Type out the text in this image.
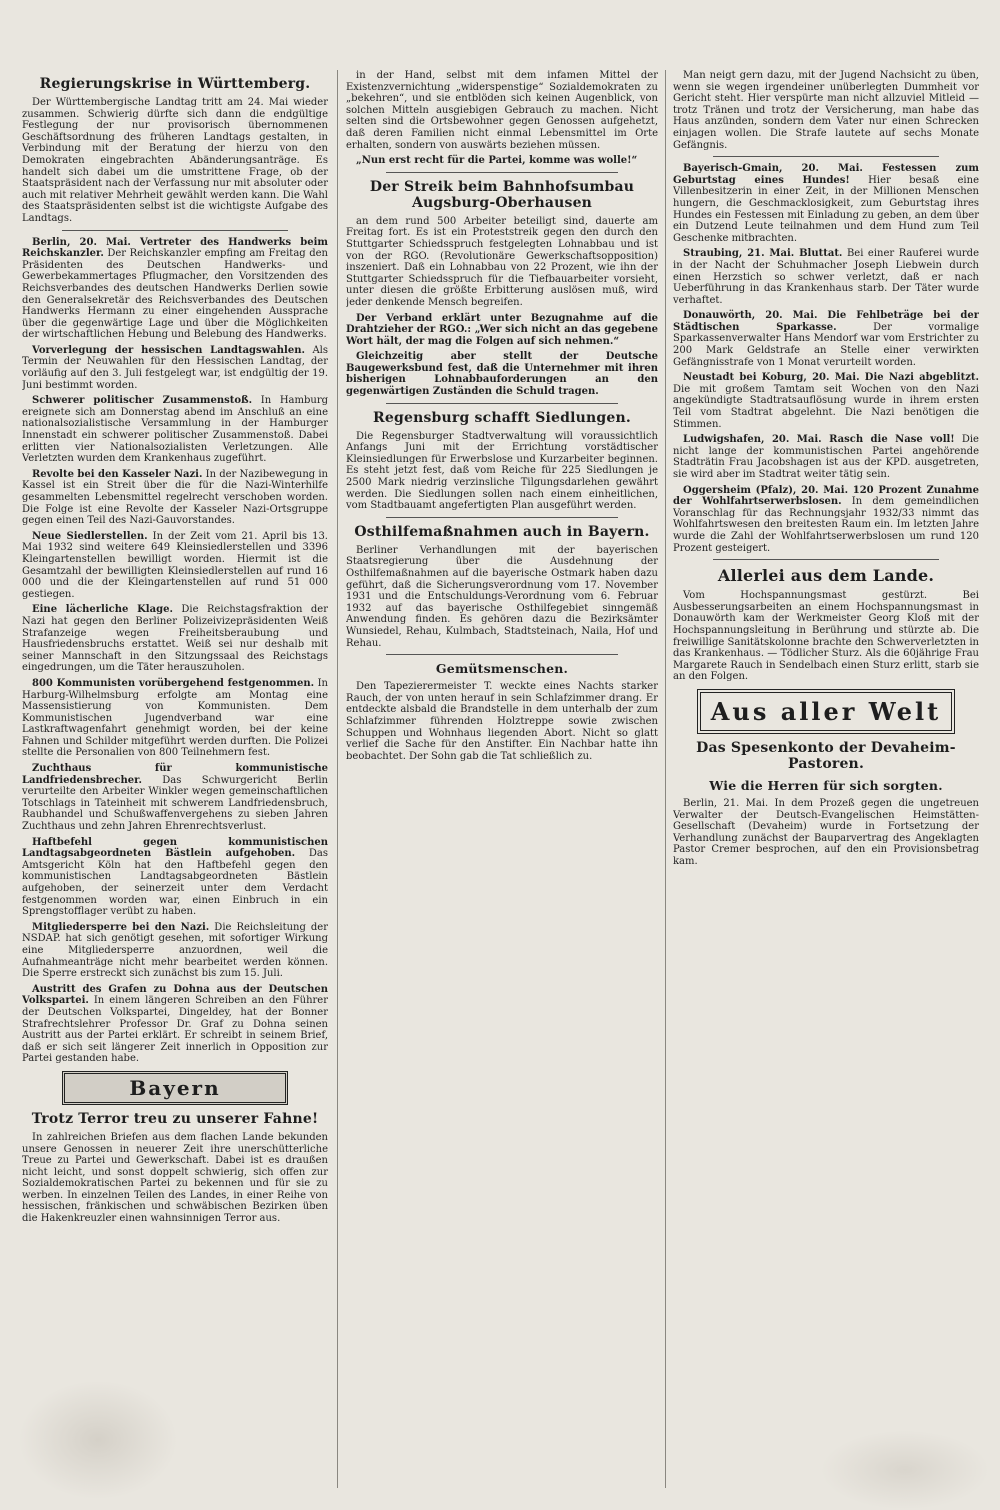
Regierungskrise in Württemberg.

Der Württembergische Landtag tritt am 24. Mai wieder zusammen. Schwierig dürfte sich dann die endgültige Festlegung der nur provisorisch übernommenen Geschäftsordnung des früheren Landtags gestalten, in Verbindung mit der Beratung der hierzu von den Demokraten eingebrachten Abänderungsanträge. Es handelt sich dabei um die umstrittene Frage, ob der Staatspräsident nach der Verfassung nur mit absoluter oder auch mit relativer Mehrheit gewählt werden kann. Die Wahl des Staatspräsidenten selbst ist die wichtigste Aufgabe des Landtags.

Berlin, 20. Mai. Vertreter des Handwerks beim Reichskanzler. Der Reichskanzler empfing am Freitag den Präsidenten des Deutschen Handwerks- und Gewerbekammertages Pflugmacher, den Vorsitzenden des Reichsverbandes des deutschen Handwerks Derlien sowie den Generalsekretär des Reichsverbandes des Deutschen Handwerks Hermann zu einer eingehenden Aussprache über die gegenwärtige Lage und über die Möglichkeiten der wirtschaftlichen Hebung und Belebung des Handwerks.

Vorverlegung der hessischen Landtagswahlen. Als Termin der Neuwahlen für den Hessischen Landtag, der vorläufig auf den 3. Juli festgelegt war, ist endgültig der 19. Juni bestimmt worden.

Schwerer politischer Zusammenstoß. In Hamburg ereignete sich am Donnerstag abend im Anschluß an eine nationalsozialistische Versammlung in der Hamburger Innenstadt ein schwerer politischer Zusammenstoß. Dabei erlitten vier Nationalsozialisten Verletzungen. Alle Verletzten wurden dem Krankenhaus zugeführt.

Revolte bei den Kasseler Nazi. In der Nazibewegung in Kassel ist ein Streit über die für die Nazi-Winterhilfe gesammelten Lebensmittel regelrecht verschoben worden. Die Folge ist eine Revolte der Kasseler Nazi-Ortsgruppe gegen einen Teil des Nazi-Gauvorstandes.

Neue Siedlerstellen. In der Zeit vom 21. April bis 13. Mai 1932 sind weitere 649 Kleinsiedlerstellen und 3396 Kleingartenstellen bewilligt worden. Hiermit ist die Gesamtzahl der bewilligten Kleinsiedlerstellen auf rund 16 000 und die der Kleingartenstellen auf rund 51 000 gestiegen.

Eine lächerliche Klage. Die Reichstagsfraktion der Nazi hat gegen den Berliner Polizeivizepräsidenten Weiß Strafanzeige wegen Freiheitsberaubung und Hausfriedensbruchs erstattet. Weiß sei nur deshalb mit seiner Mannschaft in den Sitzungssaal des Reichstags eingedrungen, um die Täter herauszuholen.

800 Kommunisten vorübergehend festgenommen. In Harburg-Wilhelmsburg erfolgte am Montag eine Massensistierung von Kommunisten. Dem Kommunistischen Jugendverband war eine Lastkraftwagenfahrt genehmigt worden, bei der keine Fahnen und Schilder mitgeführt werden durften. Die Polizei stellte die Personalien von 800 Teilnehmern fest.

Zuchthaus für kommunistische Landfriedensbrecher. Das Schwurgericht Berlin verurteilte den Arbeiter Winkler wegen gemeinschaftlichen Totschlags in Tateinheit mit schwerem Landfriedensbruch, Raubhandel und Schußwaffenvergehens zu sieben Jahren Zuchthaus und zehn Jahren Ehrenrechtsverlust.

Haftbefehl gegen kommunistischen Landtagsabgeordneten Bästlein aufgehoben. Das Amtsgericht Köln hat den Haftbefehl gegen den kommunistischen Landtagsabgeordneten Bästlein aufgehoben, der seinerzeit unter dem Verdacht festgenommen worden war, einen Einbruch in ein Sprengstofflager verübt zu haben.

Mitgliedersperre bei den Nazi. Die Reichsleitung der NSDAP. hat sich genötigt gesehen, mit sofortiger Wirkung eine Mitgliedersperre anzuordnen, weil die Aufnahmeanträge nicht mehr bearbeitet werden können. Die Sperre erstreckt sich zunächst bis zum 15. Juli.

Austritt des Grafen zu Dohna aus der Deutschen Volkspartei. In einem längeren Schreiben an den Führer der Deutschen Volkspartei, Dingeldey, hat der Bonner Strafrechtslehrer Professor Dr. Graf zu Dohna seinen Austritt aus der Partei erklärt. Er schreibt in seinem Brief, daß er sich seit längerer Zeit innerlich in Opposition zur Partei gestanden habe.

Bayern
Trotz Terror treu zu unserer Fahne!

In zahlreichen Briefen aus dem flachen Lande bekunden unsere Genossen in neuerer Zeit ihre unerschütterliche Treue zu Partei und Gewerkschaft. Dabei ist es draußen nicht leicht, und sonst doppelt schwierig, sich offen zur Sozialdemokratischen Partei zu bekennen und für sie zu werben. In einzelnen Teilen des Landes, in einer Reihe von hessischen, fränkischen und schwäbischen Bezirken üben die Hakenkreuzler einen wahnsinnigen Terror aus.

in der Hand, selbst mit dem infamen Mittel der Existenzvernichtung „widerspenstige“ Sozialdemokraten zu „bekehren“, und sie entblöden sich keinen Augenblick, von solchen Mitteln ausgiebigen Gebrauch zu machen. Nicht selten sind die Ortsbewohner gegen Genossen aufgehetzt, daß deren Familien nicht einmal Lebensmittel im Orte erhalten, sondern von auswärts beziehen müssen.

„Nun erst recht für die Partei, komme was wolle!“

Der Streik beim Bahnhofsumbau Augsburg-Oberhausen

an dem rund 500 Arbeiter beteiligt sind, dauerte am Freitag fort. Es ist ein Proteststreik gegen den durch den Stuttgarter Schiedsspruch festgelegten Lohnabbau und ist von der RGO. (Revolutionäre Gewerkschaftsopposition) inszeniert. Daß ein Lohnabbau von 22 Prozent, wie ihn der Stuttgarter Schiedsspruch für die Tiefbauarbeiter vorsieht, unter diesen die größte Erbitterung auslösen muß, wird jeder denkende Mensch begreifen.

Der Verband erklärt unter Bezugnahme auf die Drahtzieher der RGO.: „Wer sich nicht an das gegebene Wort hält, der mag die Folgen auf sich nehmen.“

Gleichzeitig aber stellt der Deutsche Baugewerksbund fest, daß die Unternehmer mit ihren bisherigen Lohnabbauforderungen an den gegenwärtigen Zuständen die Schuld tragen.

Regensburg schafft Siedlungen.

Die Regensburger Stadtverwaltung will voraussichtlich Anfangs Juni mit der Errichtung vorstädtischer Kleinsiedlungen für Erwerbslose und Kurzarbeiter beginnen. Es steht jetzt fest, daß vom Reiche für 225 Siedlungen je 2500 Mark niedrig verzinsliche Tilgungsdarlehen gewährt werden. Die Siedlungen sollen nach einem einheitlichen, vom Stadtbauamt angefertigten Plan ausgeführt werden.

Osthilfemaßnahmen auch in Bayern.

Berliner Verhandlungen mit der bayerischen Staatsregierung über die Ausdehnung der Osthilfemaßnahmen auf die bayerische Ostmark haben dazu geführt, daß die Sicherungsverordnung vom 17. November 1931 und die Entschuldungs-Verordnung vom 6. Februar 1932 auf das bayerische Osthilfegebiet sinngemäß Anwendung finden. Es gehören dazu die Bezirksämter Wunsiedel, Rehau, Kulmbach, Stadtsteinach, Naila, Hof und Rehau.

Gemütsmenschen.

Den Tapezierermeister T. weckte eines Nachts starker Rauch, der von unten herauf in sein Schlafzimmer drang. Er entdeckte alsbald die Brandstelle in dem unterhalb der zum Schlafzimmer führenden Holztreppe sowie zwischen Schuppen und Wohnhaus liegenden Abort. Nicht so glatt verlief die Sache für den Anstifter. Ein Nachbar hatte ihn beobachtet. Der Sohn gab die Tat schließlich zu.

Man neigt gern dazu, mit der Jugend Nachsicht zu üben, wenn sie wegen irgendeiner unüberlegten Dummheit vor Gericht steht. Hier verspürte man nicht allzuviel Mitleid — trotz Tränen und trotz der Versicherung, man habe das Haus anzünden, sondern dem Vater nur einen Schrecken einjagen wollen. Die Strafe lautete auf sechs Monate Gefängnis.

Bayerisch-Gmain, 20. Mai. Festessen zum Geburtstag eines Hundes! Hier besaß eine Villenbesitzerin in einer Zeit, in der Millionen Menschen hungern, die Geschmacklosigkeit, zum Geburtstag ihres Hundes ein Festessen mit Einladung zu geben, an dem über ein Dutzend Leute teilnahmen und dem Hund zum Teil Geschenke mitbrachten.

Straubing, 21. Mai. Bluttat. Bei einer Rauferei wurde in der Nacht der Schuhmacher Joseph Liebwein durch einen Herzstich so schwer verletzt, daß er nach Ueberführung in das Krankenhaus starb. Der Täter wurde verhaftet.

Donauwörth, 20. Mai. Die Fehlbeträge bei der Städtischen Sparkasse.	Der vormalige Sparkassenverwalter Hans Mendorf war vom Erstrichter zu 200 Mark Geldstrafe an Stelle einer verwirkten Gefängnisstrafe von 1 Monat verurteilt worden.

Neustadt bei Koburg, 20. Mai. Die Nazi abgeblitzt. Die mit großem Tamtam seit Wochen von den Nazi angekündigte Stadtratsauflösung wurde in ihrem ersten Teil vom Stadtrat abgelehnt. Die Nazi benötigen die Stimmen.

Ludwigshafen, 20. Mai. Rasch die Nase voll! Die nicht lange der kommunistischen Partei angehörende Stadträtin Frau Jacobshagen ist aus der KPD. ausgetreten, sie wird aber im Stadtrat weiter tätig sein.

Oggersheim (Pfalz), 20. Mai. 120 Prozent Zunahme der Wohlfahrtserwerbslosen. In dem gemeindlichen Voranschlag für das Rechnungsjahr 1932/33 nimmt das Wohlfahrtswesen den breitesten Raum ein. Im letzten Jahre wurde die Zahl der Wohlfahrtserwerbslosen um rund 120 Prozent gesteigert.

Allerlei aus dem Lande.

Vom Hochspannungsmast gestürzt. Bei Ausbesserungsarbeiten an einem Hochspannungsmast in Donauwörth kam der Werkmeister Georg Kloß mit der Hochspannungsleitung in Berührung und stürzte ab. Die freiwillige Sanitätskolonne brachte den Schwerverletzten in das Krankenhaus. — Tödlicher Sturz. Als die 60jährige Frau Margarete Rauch in Sendelbach einen Sturz erlitt, starb sie an den Folgen.

Aus aller Welt
Das Spesenkonto der Devaheim-Pastoren.
Wie die Herren für sich sorgten.

Berlin, 21. Mai. In dem Prozeß gegen die ungetreuen Verwalter der Deutsch-Evangelischen Heimstätten-Gesellschaft (Devaheim) wurde in Fortsetzung der Verhandlung zunächst der Bauparvertrag des Angeklagten Pastor Cremer besprochen, auf den ein Provisionsbetrag kam.
